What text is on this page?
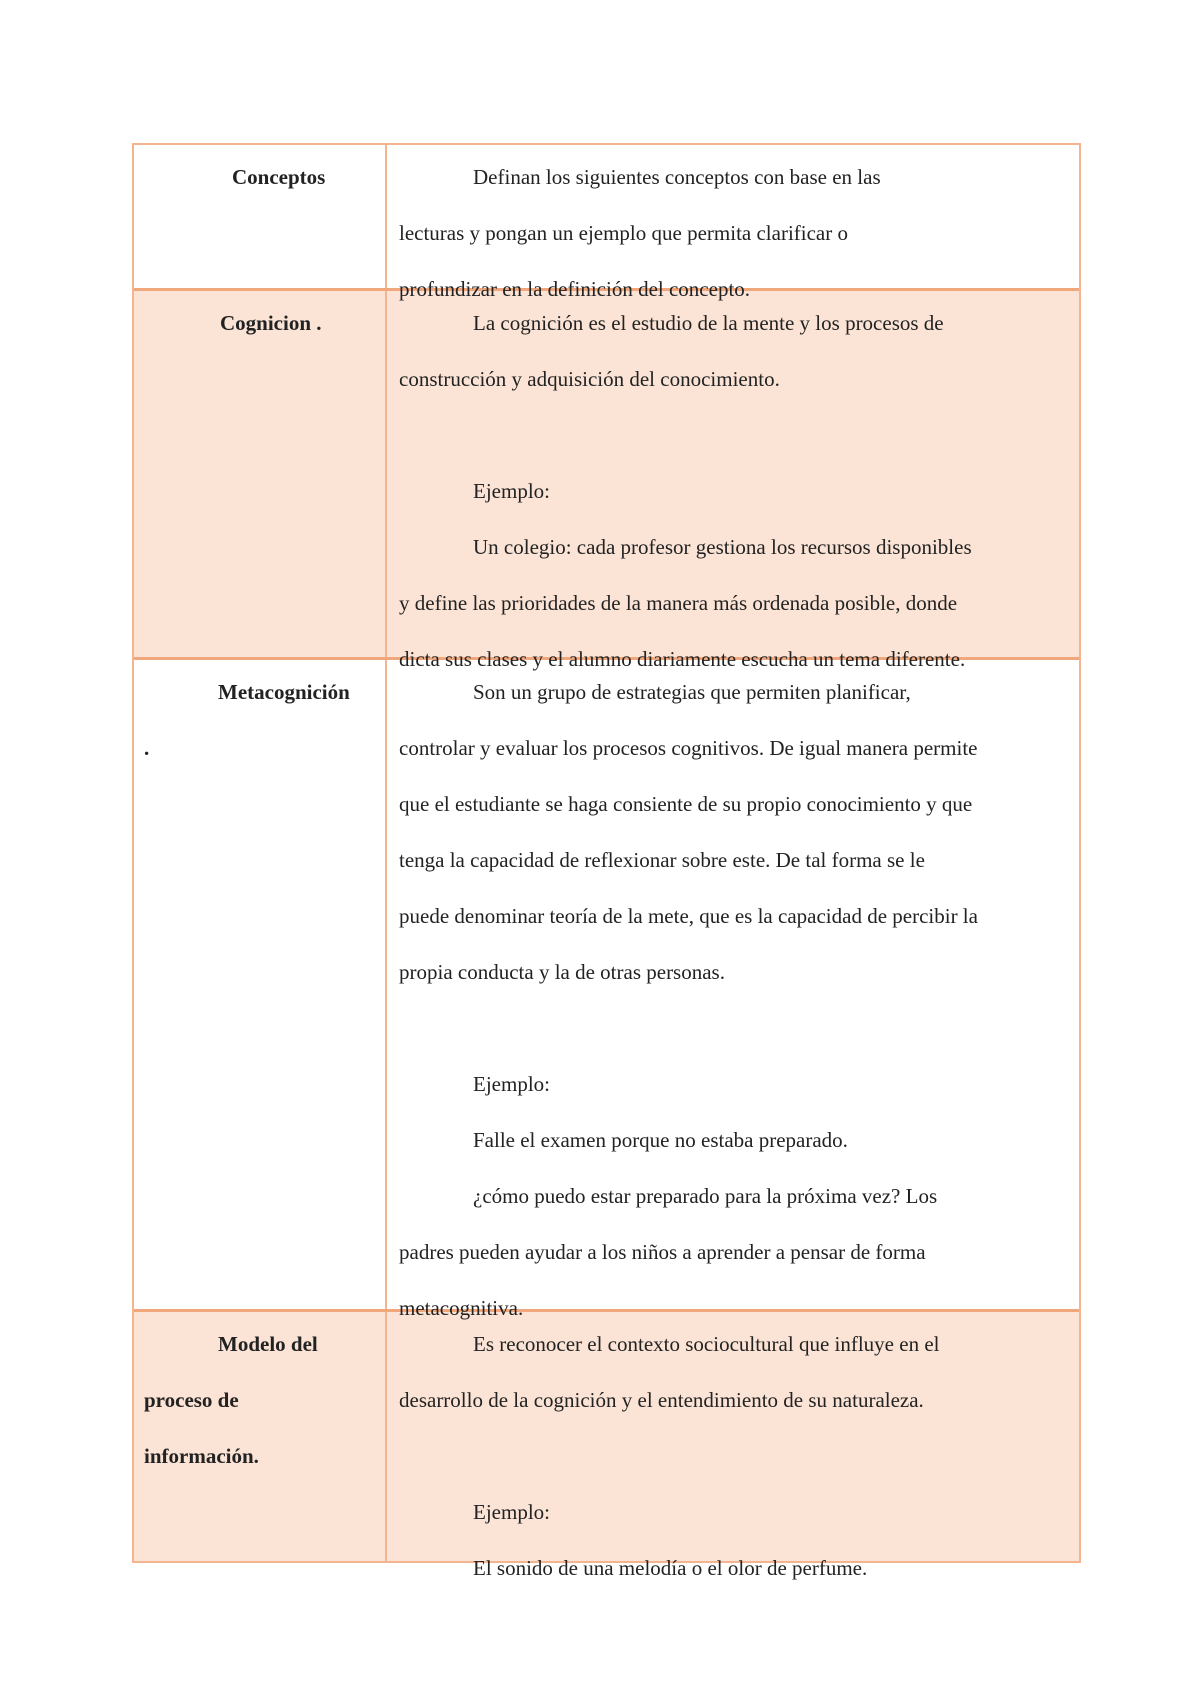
Conceptos	Definan los siguientes conceptos con base en las
lecturas y pongan un ejemplo que permita clarificar o
profundizar en la definición del concepto.
Cognicion .	La cognición es el estudio de la mente y los procesos de
construcción y adquisición del conocimiento.
Ejemplo:
Un colegio: cada profesor gestiona los recursos disponibles
y define las prioridades de la manera más ordenada posible, donde
dicta sus clases y el alumno diariamente escucha un tema diferente.
Metacognición
.
Son un grupo de estrategias que permiten planificar,
controlar y evaluar los procesos cognitivos. De igual manera permite
que el estudiante se haga consiente de su propio conocimiento y que
tenga la capacidad de reflexionar sobre este. De tal forma se le
puede denominar teoría de la mete, que es la capacidad de percibir la
propia conducta y la de otras personas.
Ejemplo:
Falle el examen porque no estaba preparado.
¿cómo puedo estar preparado para la próxima vez? Los
padres pueden ayudar a los niños a aprender a pensar de forma
metacognitiva.
Modelo del
proceso de
información.
Es reconocer el contexto sociocultural que influye en el
desarrollo de la cognición y el entendimiento de su naturaleza.
Ejemplo:
El sonido de una melodía o el olor de perfume.
